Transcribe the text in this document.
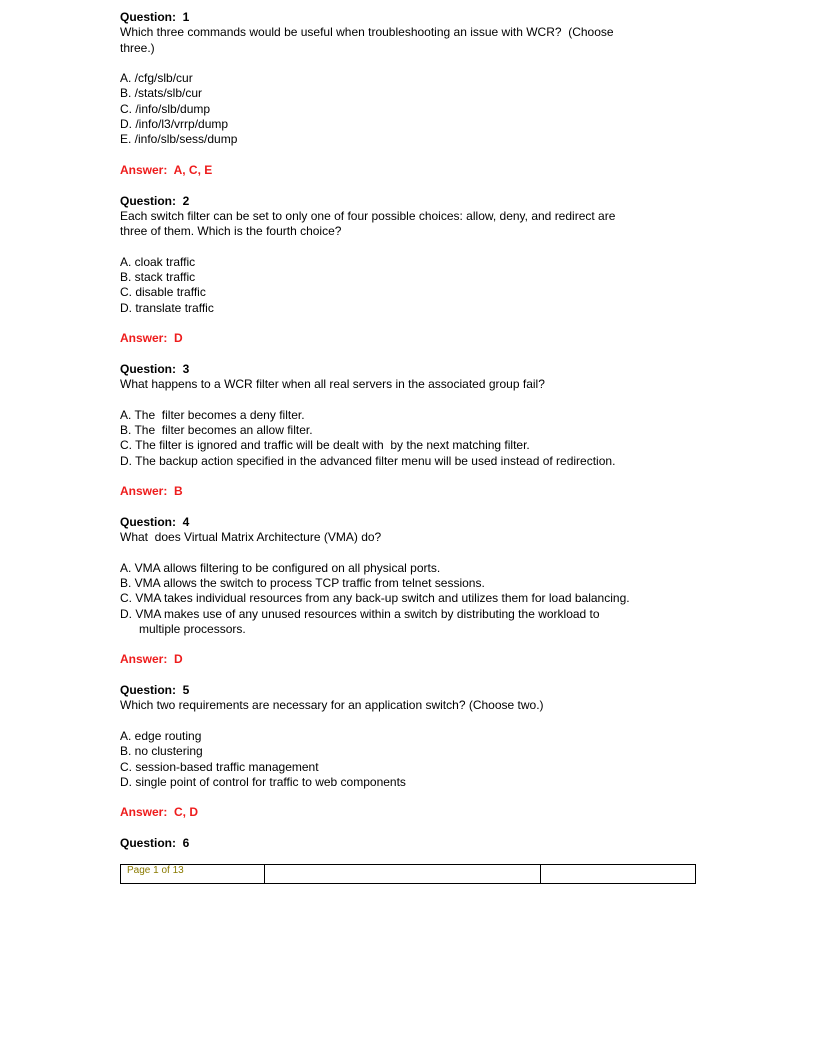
Question:  1
Which three commands would be useful when troubleshooting an issue with WCR?  (Choose
three.)
A. /cfg/slb/cur
B. /stats/slb/cur
C. /info/slb/dump
D. /info/l3/vrrp/dump
E. /info/slb/sess/dump
Answer:  A, C, E
Question:  2
Each switch filter can be set to only one of four possible choices: allow, deny, and redirect are
three of them. Which is the fourth choice?
A. cloak traffic
B. stack traffic
C. disable traffic
D. translate traffic
Answer:  D
Question:  3
What happens to a WCR filter when all real servers in the associated group fail?
A. The  filter becomes a deny filter.
B. The  filter becomes an allow filter.
C. The filter is ignored and traffic will be dealt with  by the next matching filter.
D. The backup action specified in the advanced filter menu will be used instead of redirection.
Answer:  B
Question:  4
What  does Virtual Matrix Architecture (VMA) do?
A. VMA allows filtering to be configured on all physical ports.
B. VMA allows the switch to process TCP traffic from telnet sessions.
C. VMA takes individual resources from any back-up switch and utilizes them for load balancing.
D. VMA makes use of any unused resources within a switch by distributing the workload to
multiple processors.
Answer:  D
Question:  5
Which two requirements are necessary for an application switch? (Choose two.)
A. edge routing
B. no clustering
C. session-based traffic management
D. single point of control for traffic to web components
Answer:  C, D
Question:  6
Page 1 of 13
